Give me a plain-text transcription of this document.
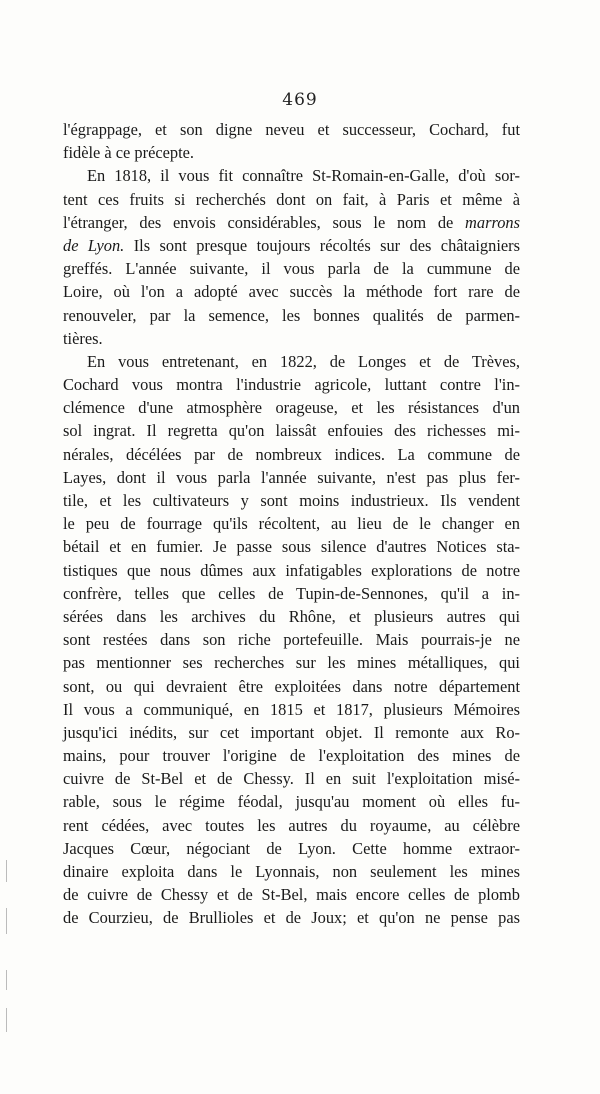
469
l'égrappage, et son digne neveu et successeur, Cochard, fut
fidèle à ce précepte.
En 1818, il vous fit connaître St-Romain-en-Galle, d'où sor-
tent ces fruits si recherchés dont on fait, à Paris et même à
l'étranger, des envois considérables, sous le nom de marrons
de Lyon. Ils sont presque toujours récoltés sur des châtaigniers
greffés. L'année suivante, il vous parla de la cummune de
Loire, où l'on a adopté avec succès la méthode fort rare de
renouveler, par la semence, les bonnes qualités de parmen-
tières.
En vous entretenant, en 1822, de Longes et de Trèves,
Cochard vous montra l'industrie agricole, luttant contre l'in-
clémence d'une atmosphère orageuse, et les résistances d'un
sol ingrat. Il regretta qu'on laissât enfouies des richesses mi-
nérales, décélées par de nombreux indices. La commune de
Layes, dont il vous parla l'année suivante, n'est pas plus fer-
tile, et les cultivateurs y sont moins industrieux. Ils vendent
le peu de fourrage qu'ils récoltent, au lieu de le changer en
bétail et en fumier. Je passe sous silence d'autres Notices sta-
tistiques que nous dûmes aux infatigables explorations de notre
confrère, telles que celles de Tupin-de-Sennones, qu'il a in-
sérées dans les archives du Rhône, et plusieurs autres qui
sont restées dans son riche portefeuille. Mais pourrais-je ne
pas mentionner ses recherches sur les mines métalliques, qui
sont, ou qui devraient être exploitées dans notre département
Il vous a communiqué, en 1815 et 1817, plusieurs Mémoires
jusqu'ici inédits, sur cet important objet. Il remonte aux Ro-
mains, pour trouver l'origine de l'exploitation des mines de
cuivre de St-Bel et de Chessy. Il en suit l'exploitation misé-
rable, sous le régime féodal, jusqu'au moment où elles fu-
rent cédées, avec toutes les autres du royaume, au célèbre
Jacques Cœur, négociant de Lyon. Cette homme extraor-
dinaire exploita dans le Lyonnais, non seulement les mines
de cuivre de Chessy et de St-Bel, mais encore celles de plomb
de Courzieu, de Brullioles et de Joux; et qu'on ne pense pas
